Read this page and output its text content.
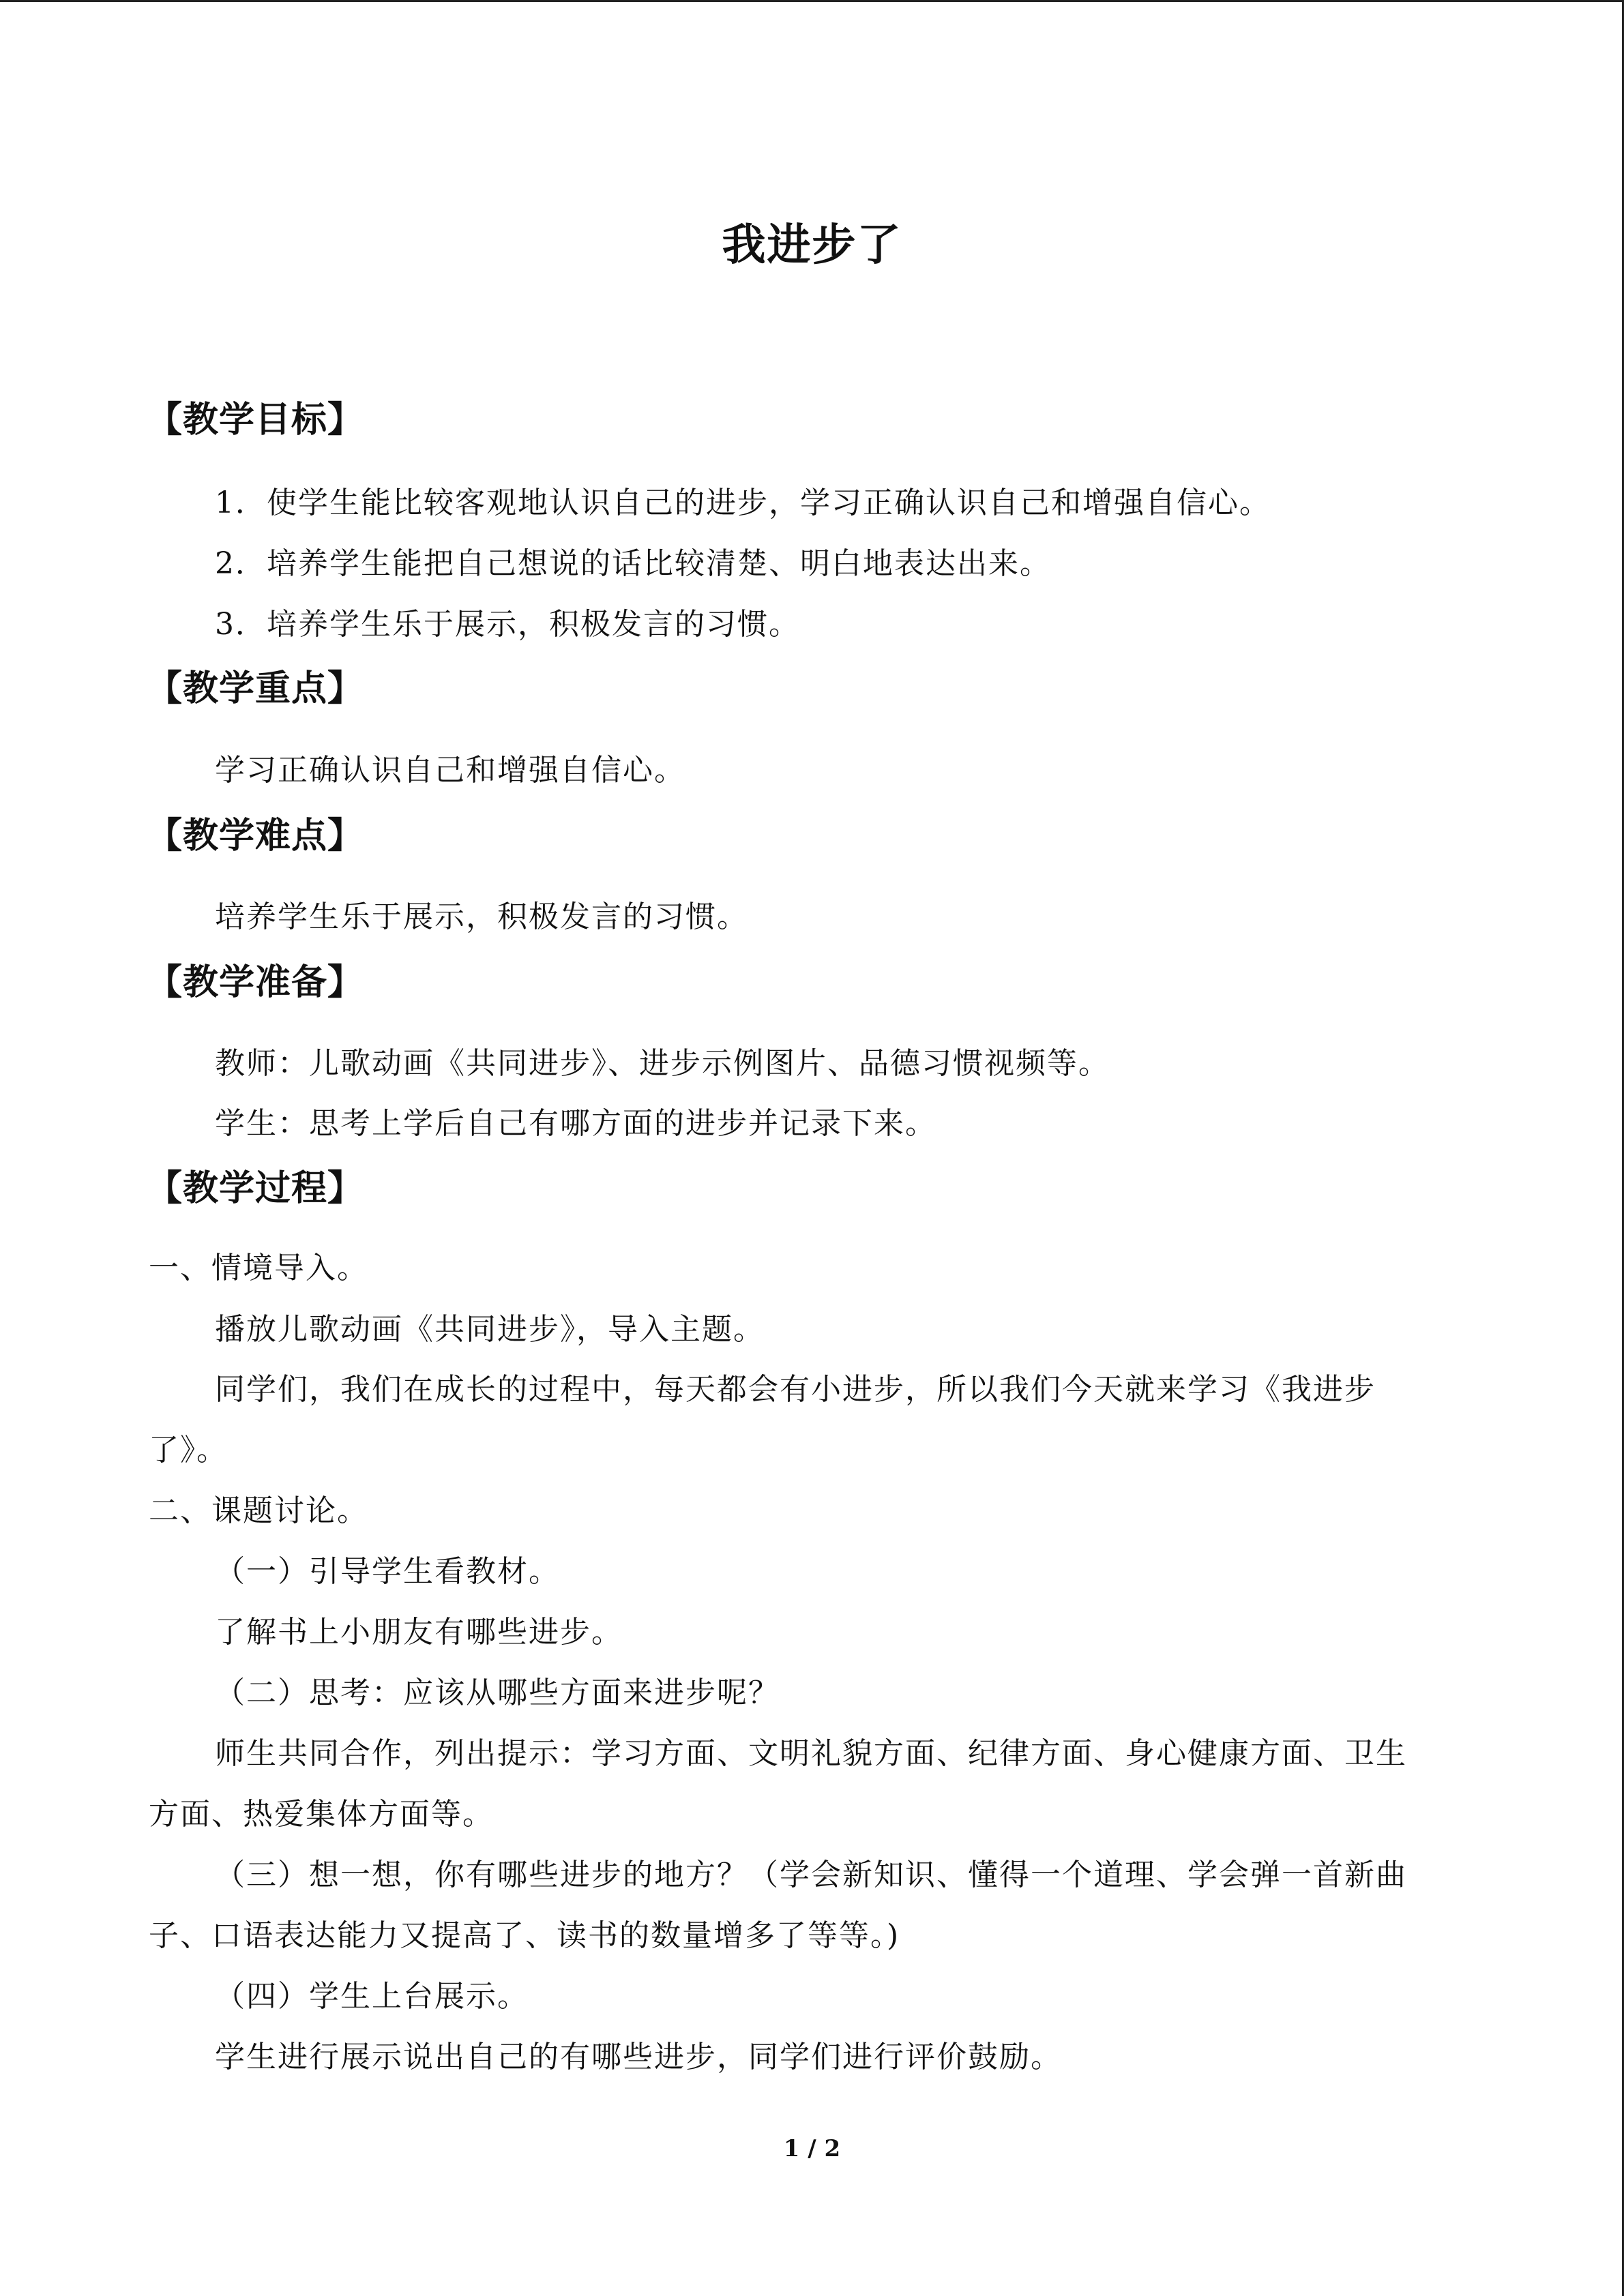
我进步了
【教学目标】
1．使学生能比较客观地认识自己的进步，学习正确认识自己和增强自信心。
2．培养学生能把自己想说的话比较清楚、明白地表达出来。
3．培养学生乐于展示，积极发言的习惯。
【教学重点】
学习正确认识自己和增强自信心。
【教学难点】
培养学生乐于展示，积极发言的习惯。
【教学准备】
教师：儿歌动画《共同进步》、进步示例图片、品德习惯视频等。
学生：思考上学后自己有哪方面的进步并记录下来。
【教学过程】
一、情境导入。
播放儿歌动画《共同进步》，导入主题。
同学们，我们在成长的过程中，每天都会有小进步，所以我们今天就来学习《我进步
了》。
二、课题讨论。
（一）引导学生看教材。
了解书上小朋友有哪些进步。
（二）思考：应该从哪些方面来进步呢？
师生共同合作，列出提示：学习方面、文明礼貌方面、纪律方面、身心健康方面、卫生
方面、热爱集体方面等。
（三）想一想，你有哪些进步的地方？（学会新知识、懂得一个道理、学会弹一首新曲
子、口语表达能力又提高了、读书的数量增多了等等。)
（四）学生上台展示。
学生进行展示说出自己的有哪些进步，同学们进行评价鼓励。
1 / 2
